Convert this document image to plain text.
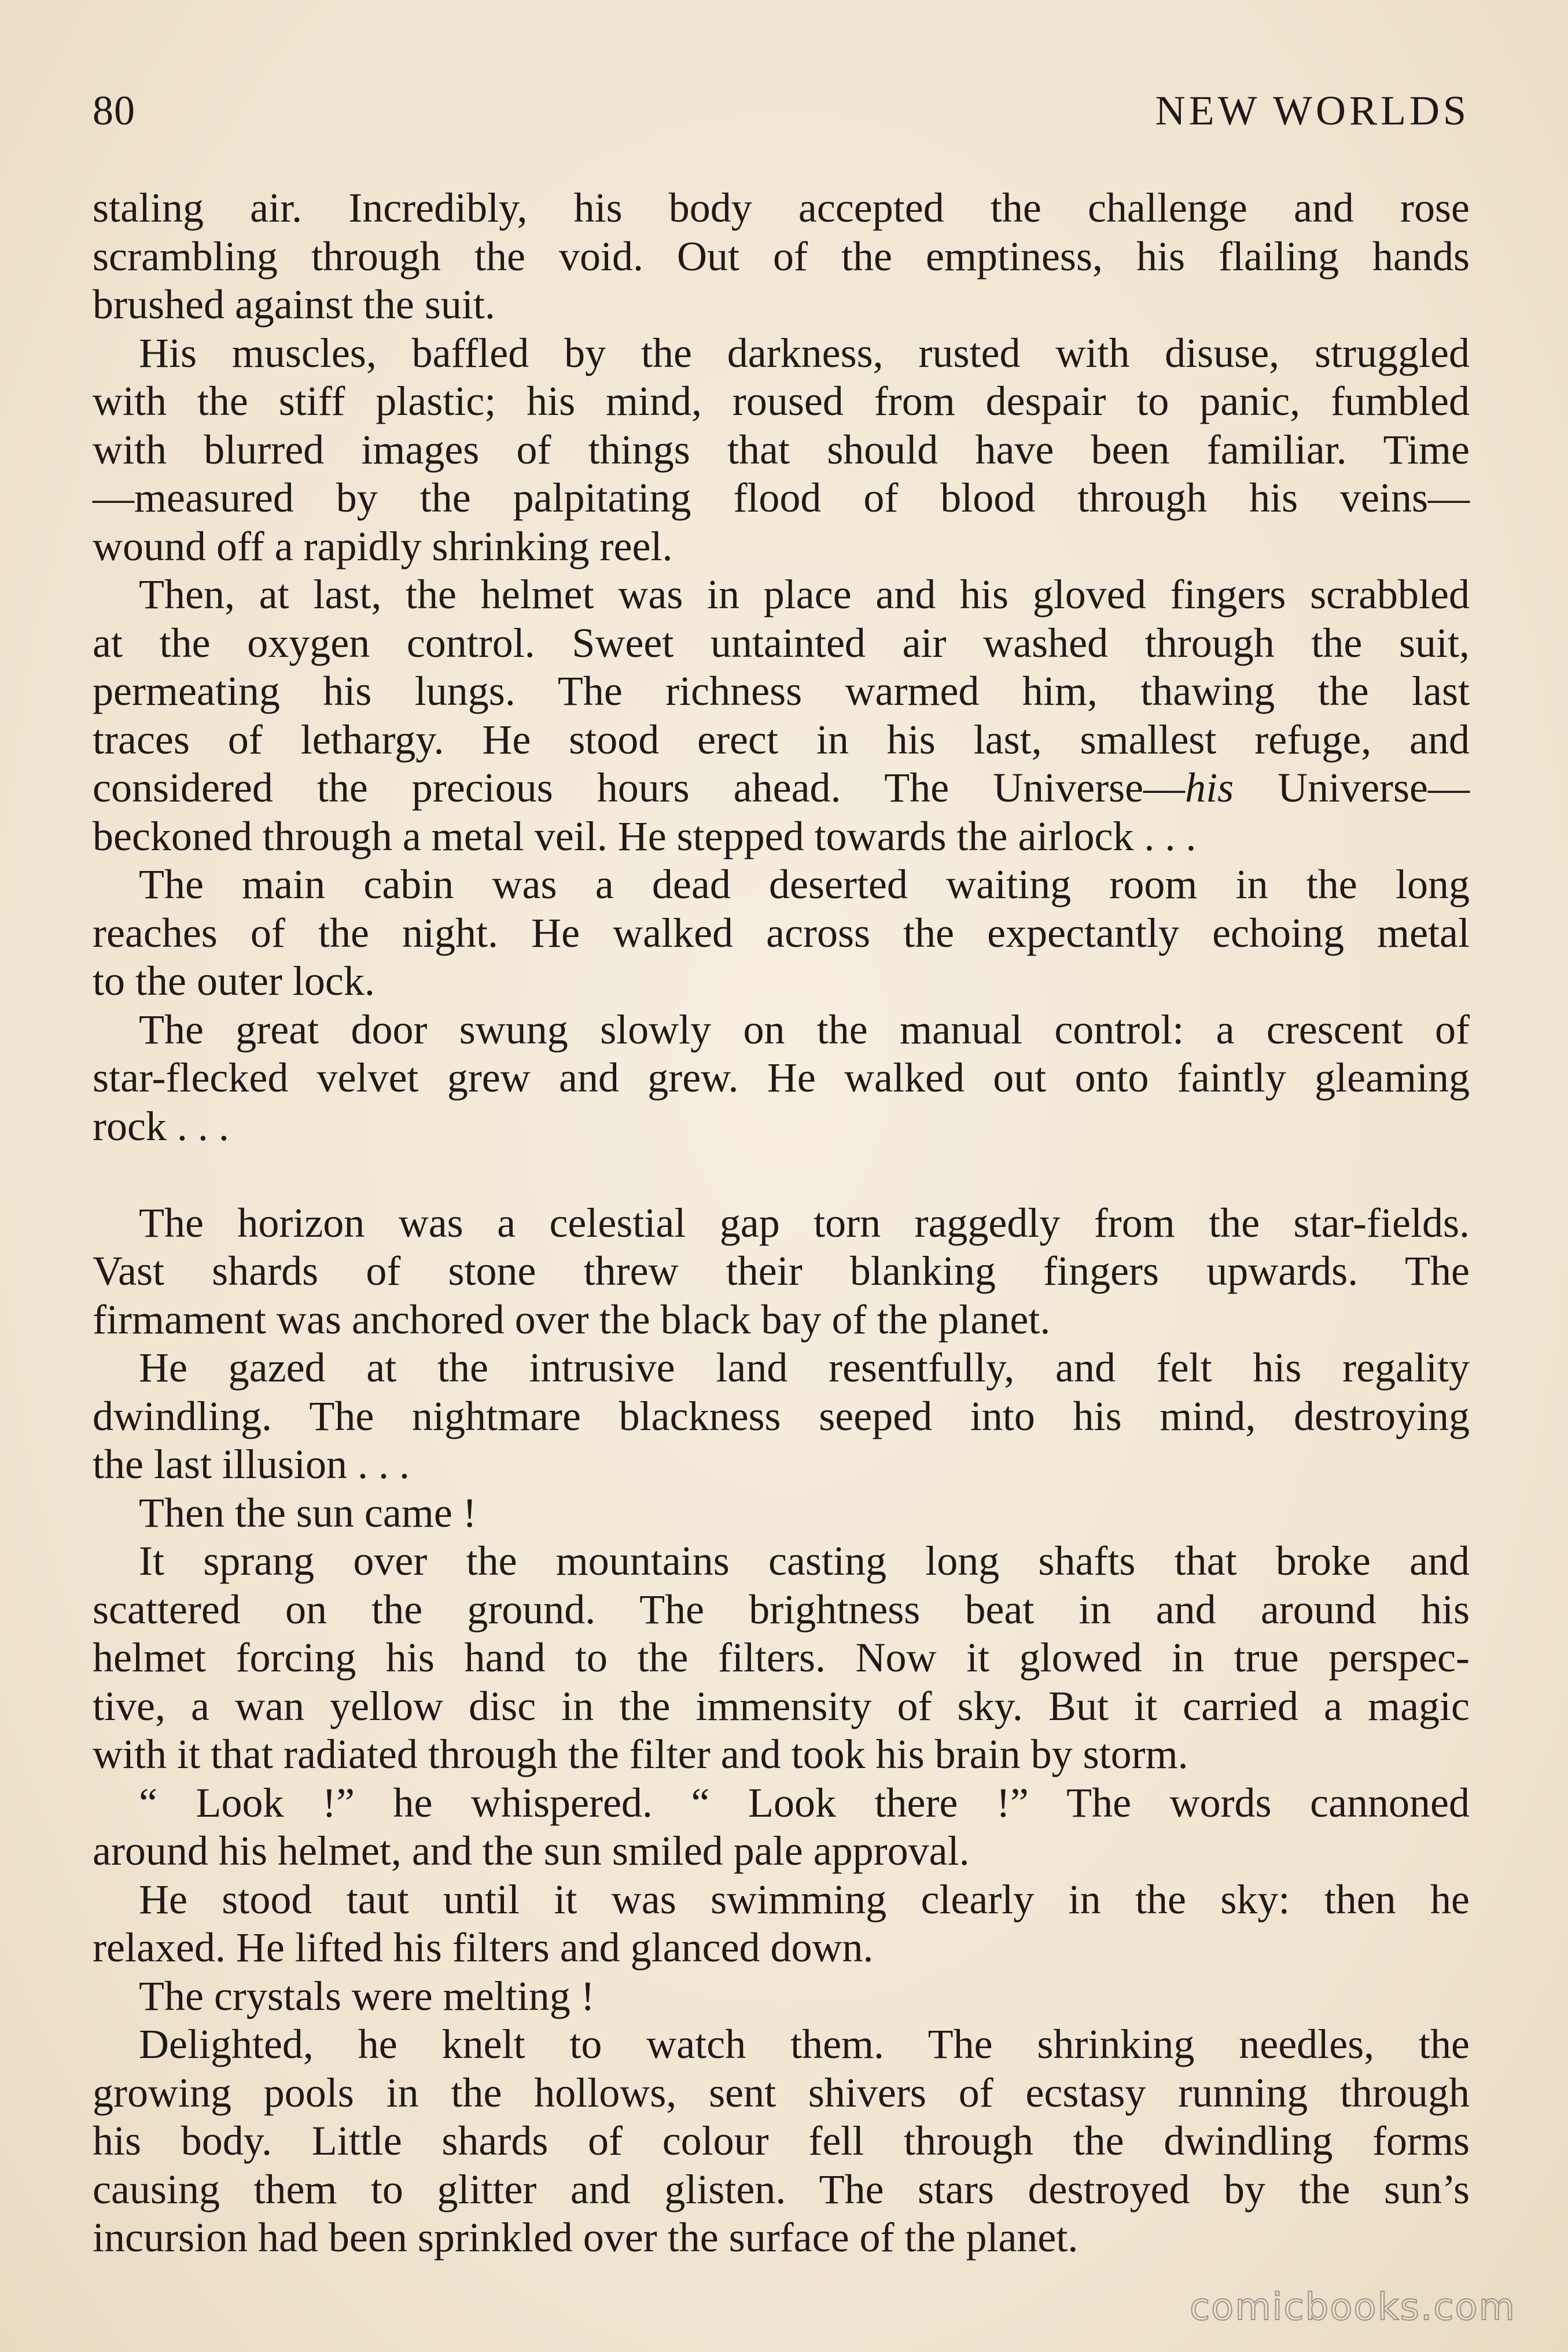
80	NEW WORLDS
staling air. Incredibly, his body accepted the challenge and rose
scrambling through the void. Out of the emptiness, his flailing hands
brushed against the suit.
His muscles, baffled by the darkness, rusted with disuse, struggled
with the stiff plastic; his mind, roused from despair to panic, fumbled
with blurred images of things that should have been familiar. Time
—measured by the palpitating flood of blood through his veins—
wound off a rapidly shrinking reel.
Then, at last, the helmet was in place and his gloved fingers scrabbled
at the oxygen control. Sweet untainted air washed through the suit,
permeating his lungs. The richness warmed him, thawing the last
traces of lethargy. He stood erect in his last, smallest refuge, and
considered the precious hours ahead. The Universe—his Universe—
beckoned through a metal veil. He stepped towards the airlock . . .
The main cabin was a dead deserted waiting room in the long
reaches of the night. He walked across the expectantly echoing metal
to the outer lock.
The great door swung slowly on the manual control: a crescent of
star-flecked velvet grew and grew. He walked out onto faintly gleaming
rock . . .
The horizon was a celestial gap torn raggedly from the star-fields.
Vast shards of stone threw their blanking fingers upwards. The
firmament was anchored over the black bay of the planet.
He gazed at the intrusive land resentfully, and felt his regality
dwindling. The nightmare blackness seeped into his mind, destroying
the last illusion . . .
Then the sun came !
It sprang over the mountains casting long shafts that broke and
scattered on the ground. The brightness beat in and around his
helmet forcing his hand to the filters. Now it glowed in true perspec-
tive, a wan yellow disc in the immensity of sky. But it carried a magic
with it that radiated through the filter and took his brain by storm.
“ Look !” he whispered. “ Look there !” The words cannoned
around his helmet, and the sun smiled pale approval.
He stood taut until it was swimming clearly in the sky: then he
relaxed. He lifted his filters and glanced down.
The crystals were melting !
Delighted, he knelt to watch them. The shrinking needles, the
growing pools in the hollows, sent shivers of ecstasy running through
his body. Little shards of colour fell through the dwindling forms
causing them to glitter and glisten. The stars destroyed by the sun’s
incursion had been sprinkled over the surface of the planet.
comicbooks.com
